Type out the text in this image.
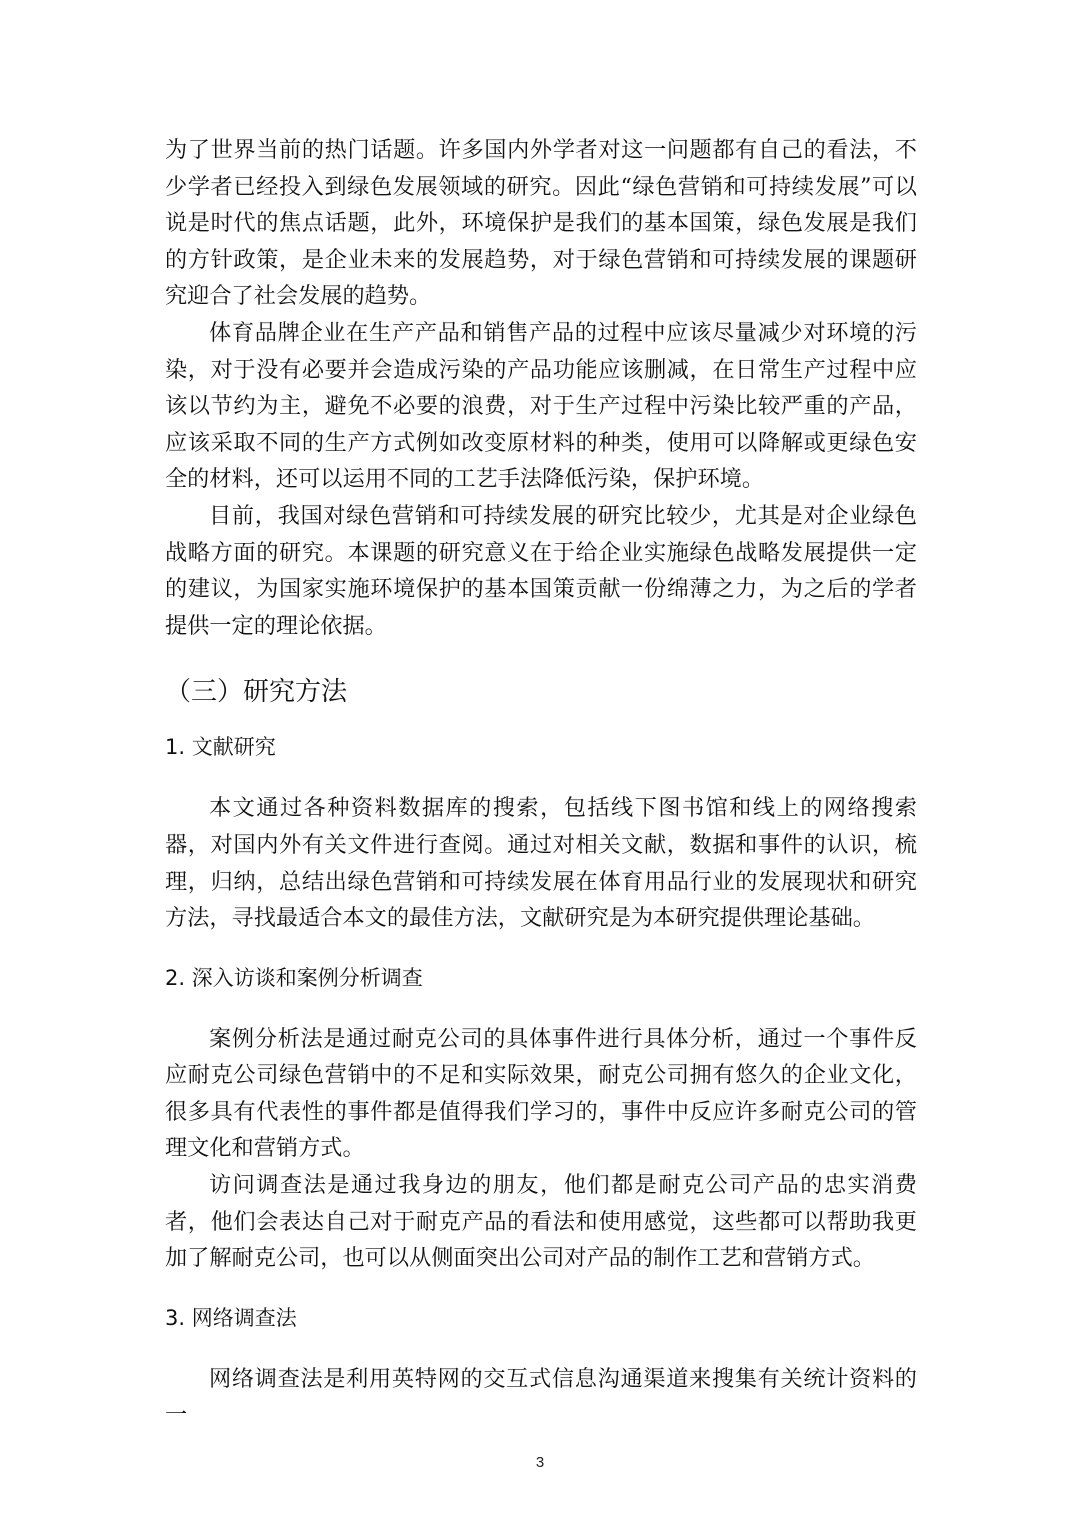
为了世界当前的热门话题。许多国内外学者对这一问题都有自己的看法，不少学者已经投入到绿色发展领域的研究。因此“绿色营销和可持续发展”可以说是时代的焦点话题，此外，环境保护是我们的基本国策，绿色发展是我们的方针政策，是企业未来的发展趋势，对于绿色营销和可持续发展的课题研究迎合了社会发展的趋势。

体育品牌企业在生产产品和销售产品的过程中应该尽量减少对环境的污染，对于没有必要并会造成污染的产品功能应该删减，在日常生产过程中应该以节约为主，避免不必要的浪费，对于生产过程中污染比较严重的产品，应该采取不同的生产方式例如改变原材料的种类，使用可以降解或更绿色安全的材料，还可以运用不同的工艺手法降低污染，保护环境。

目前，我国对绿色营销和可持续发展的研究比较少，尤其是对企业绿色战略方面的研究。本课题的研究意义在于给企业实施绿色战略发展提供一定的建议，为国家实施环境保护的基本国策贡献一份绵薄之力，为之后的学者提供一定的理论依据。

（三）研究方法
1. 文献研究

本文通过各种资料数据库的搜索，包括线下图书馆和线上的网络搜索器，对国内外有关文件进行查阅。通过对相关文献，数据和事件的认识，梳理，归纳，总结出绿色营销和可持续发展在体育用品行业的发展现状和研究方法，寻找最适合本文的最佳方法，文献研究是为本研究提供理论基础。

2. 深入访谈和案例分析调查

案例分析法是通过耐克公司的具体事件进行具体分析，通过一个事件反应耐克公司绿色营销中的不足和实际效果，耐克公司拥有悠久的企业文化，很多具有代表性的事件都是值得我们学习的，事件中反应许多耐克公司的管理文化和营销方式。

访问调查法是通过我身边的朋友，他们都是耐克公司产品的忠实消费者，他们会表达自己对于耐克产品的看法和使用感觉，这些都可以帮助我更加了解耐克公司，也可以从侧面突出公司对产品的制作工艺和营销方式。

3. 网络调查法

网络调查法是利用英特网的交互式信息沟通渠道来搜集有关统计资料的一

3
